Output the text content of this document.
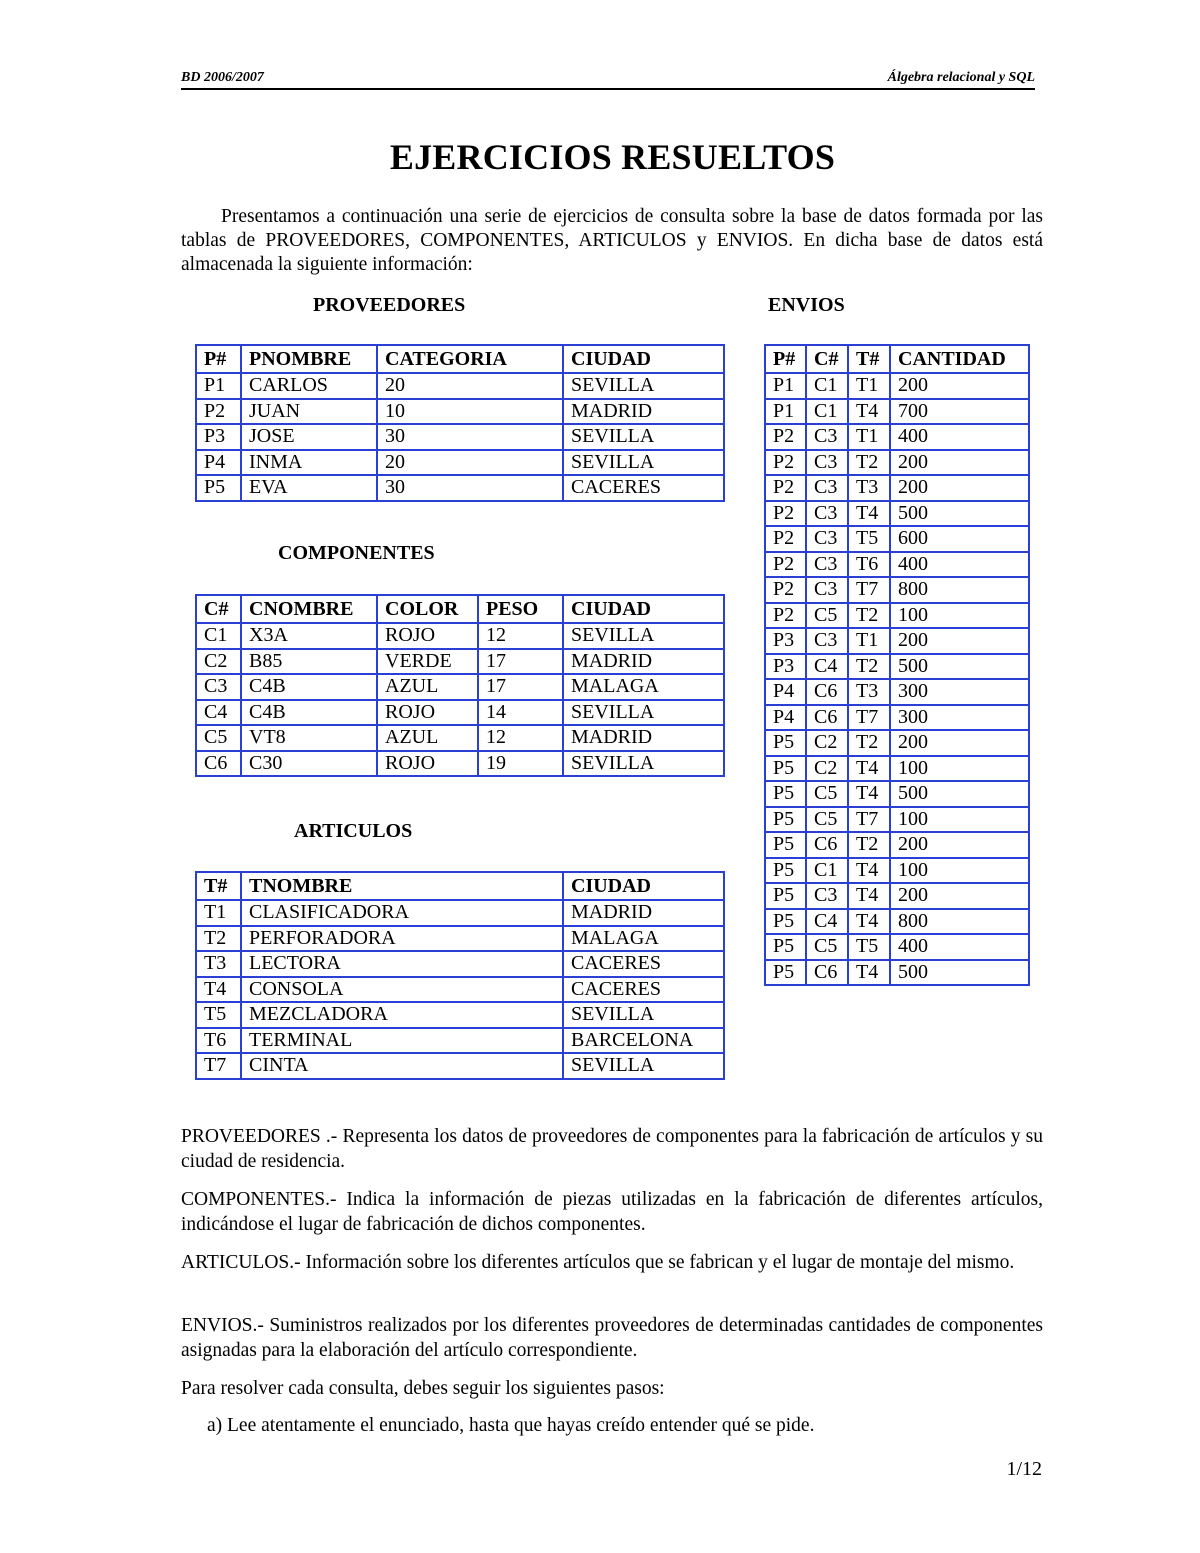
BD 2006/2007	Álgebra relacional y SQL
EJERCICIOS RESUELTOS

Presentamos a continuación una serie de ejercicios de consulta sobre la base de datos formada por las tablas de PROVEEDORES, COMPONENTES, ARTICULOS y ENVIOS. En dicha base de datos está almacenada la siguiente información:

PROVEEDORES
P#	PNOMBRE	CATEGORIA	CIUDAD
P1	CARLOS	20	SEVILLA
P2	JUAN	10	MADRID
P3	JOSE	30	SEVILLA
P4	INMA	20	SEVILLA
P5	EVA	30	CACERES
COMPONENTES
C#	CNOMBRE	COLOR	PESO	CIUDAD
C1	X3A	ROJO	12	SEVILLA
C2	B85	VERDE	17	MADRID
C3	C4B	AZUL	17	MALAGA
C4	C4B	ROJO	14	SEVILLA
C5	VT8	AZUL	12	MADRID
C6	C30	ROJO	19	SEVILLA
ARTICULOS
T#	TNOMBRE	CIUDAD
T1	CLASIFICADORA	MADRID
T2	PERFORADORA	MALAGA
T3	LECTORA	CACERES
T4	CONSOLA	CACERES
T5	MEZCLADORA	SEVILLA
T6	TERMINAL	BARCELONA
T7	CINTA	SEVILLA
ENVIOS
P#	C#	T#	CANTIDAD
P1	C1	T1	200
P1	C1	T4	700
P2	C3	T1	400
P2	C3	T2	200
P2	C3	T3	200
P2	C3	T4	500
P2	C3	T5	600
P2	C3	T6	400
P2	C3	T7	800
P2	C5	T2	100
P3	C3	T1	200
P3	C4	T2	500
P4	C6	T3	300
P4	C6	T7	300
P5	C2	T2	200
P5	C2	T4	100
P5	C5	T4	500
P5	C5	T7	100
P5	C6	T2	200
P5	C1	T4	100
P5	C3	T4	200
P5	C4	T4	800
P5	C5	T5	400
P5	C6	T4	500

PROVEEDORES .- Representa los datos de proveedores de componentes para la fabricación de artículos y su ciudad de residencia.

COMPONENTES.- Indica la información de piezas utilizadas en la fabricación de diferentes artículos, indicándose el lugar de fabricación de dichos componentes.

ARTICULOS.- Información sobre los diferentes artículos que se fabrican y el lugar de montaje del mismo.

ENVIOS.- Suministros realizados por los diferentes proveedores de determinadas cantidades de componentes asignadas para la elaboración del artículo correspondiente.

Para resolver cada consulta, debes seguir los siguientes pasos:

a) Lee atentamente el enunciado, hasta que hayas creído entender qué se pide.

1/12
